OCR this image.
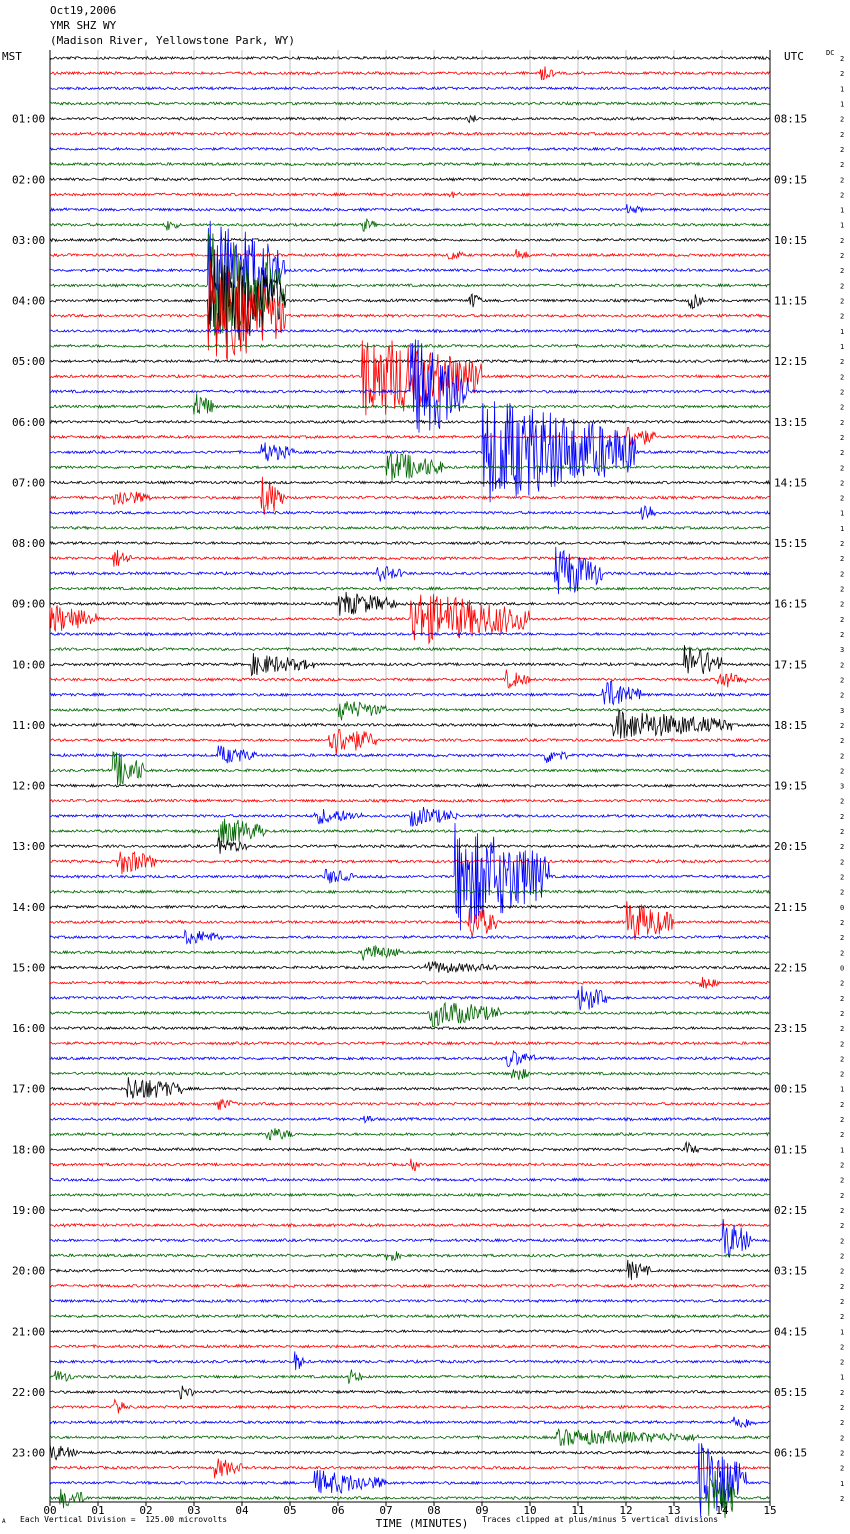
Oct19,2006
YMR SHZ WY
(Madison River, Yellowstone Park, WY)
MST	UTC	DC
01:00
02:00
03:00
04:00
05:00
06:00
07:00
08:00
09:00
10:00
11:00
12:00
13:00
14:00
15:00
16:00
17:00
18:00
19:00
20:00
21:00
22:00
23:00
08:15
09:15
10:15
11:15
12:15
13:15
14:15
15:15
16:15
17:15
18:15
19:15
20:15
21:15
22:15
23:15
00:15
01:15
02:15
03:15
04:15
05:15
06:15
2
2
1
1
2
2
2
2
2
2
1
1
2
2
2
2
2
2
1
1
2
2
2
2
2
2
2
2
2
2
1
1
2
2
2
2
2
2
2
3
2
2
2
3
2
2
2
2
3
2
2
2
2
2
2
2
0
2
2
2
0
2
2
2
2
2
2
2
1
2
2
2
1
2
2
2
2
2
2
2
2
2
2
2
1
2
2
1
2
2
2
2
2
2
1
2
00	01	02	03	04	05	06	07	08	09	10	11	12	13	14	15
TIME (MINUTES)
Each Vertical Division =  125.00 microvolts	Traces clipped at plus/minus 5 vertical divisions
A
